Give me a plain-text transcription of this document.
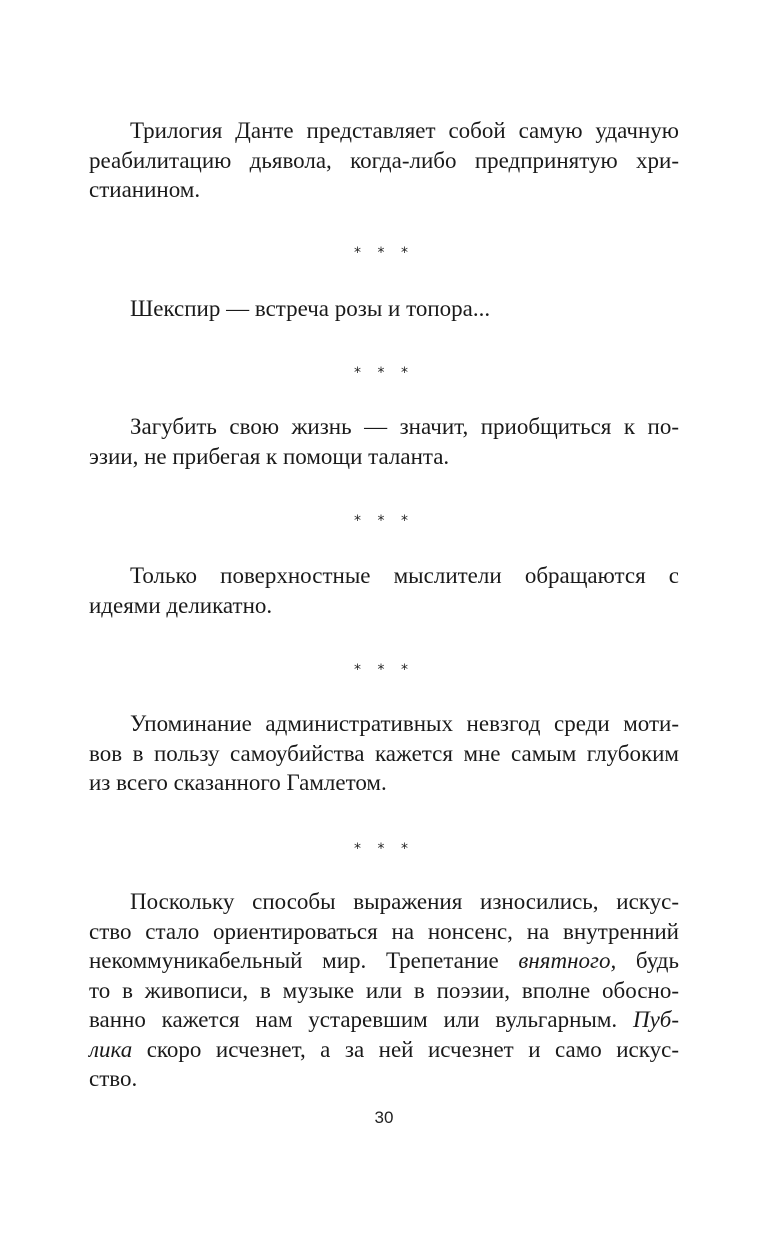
Трилогия Данте представляет собой самую удачную
реабилитацию дьявола, когда-либо предпринятую хри-
стианином.
* * *
Шекспир — встреча розы и топора...
* * *
Загубить свою жизнь — значит, приобщиться к по-
эзии, не прибегая к помощи таланта.
* * *
Только поверхностные мыслители обращаются с
идеями деликатно.
* * *
Упоминание административных невзгод среди моти-
вов в пользу самоубийства кажется мне самым глубоким
из всего сказанного Гамлетом.
* * *
Поскольку способы выражения износились, искус-
ство стало ориентироваться на нонсенс, на внутренний
некоммуникабельный мир. Трепетание внятного, будь
то в живописи, в музыке или в поэзии, вполне обосно-
ванно кажется нам устаревшим или вульгарным. Пуб-
лика скоро исчезнет, а за ней исчезнет и само искус-
ство.
30
